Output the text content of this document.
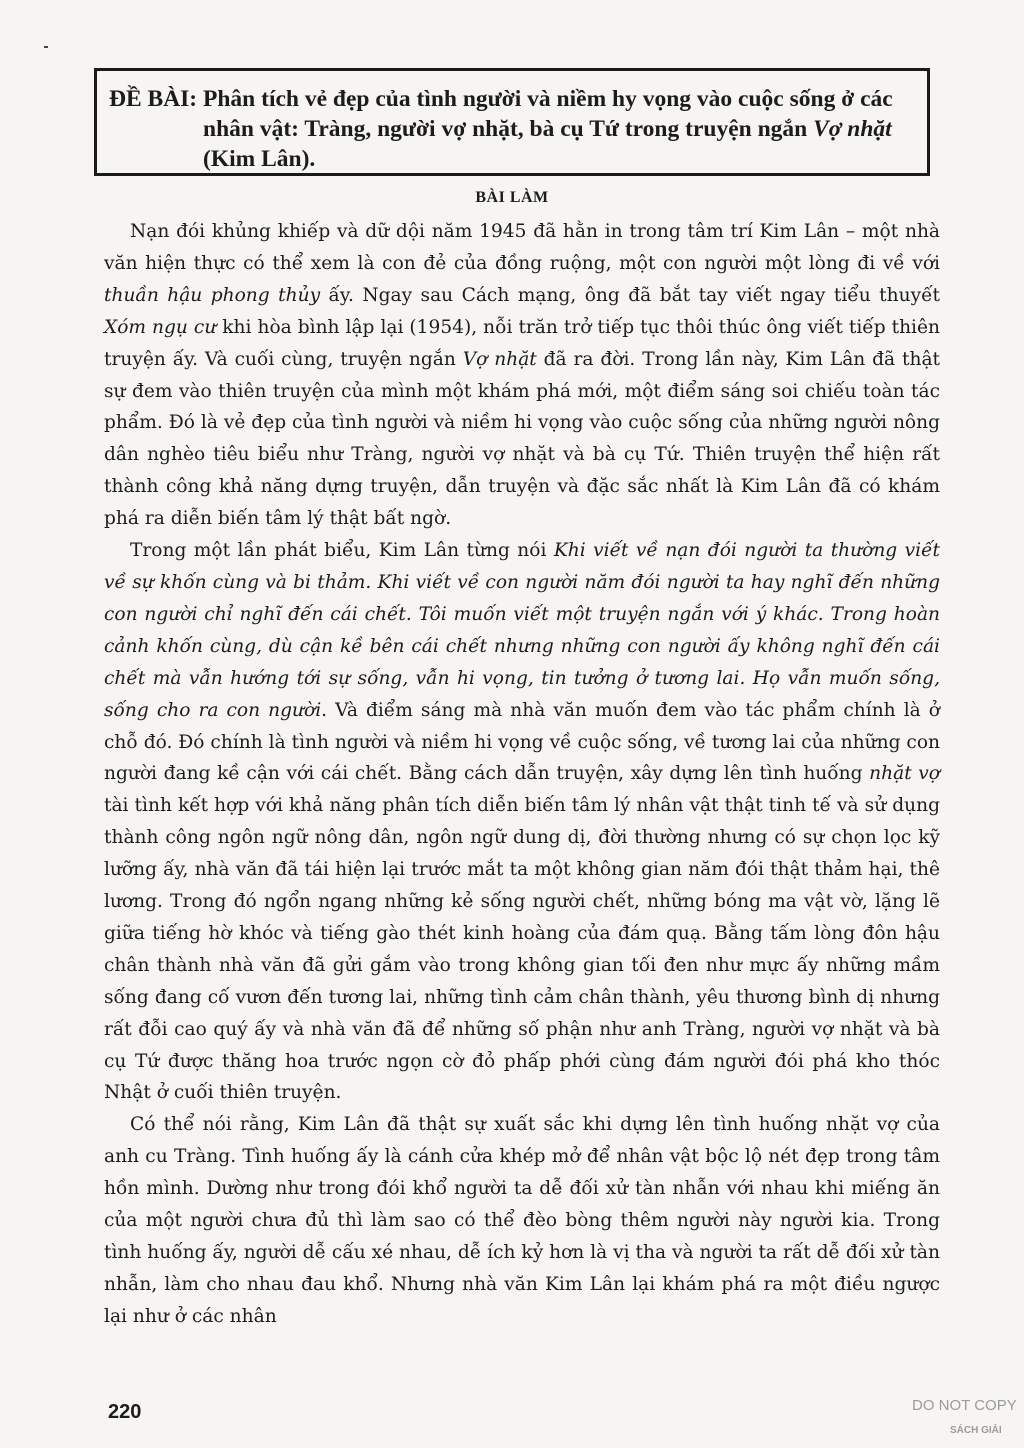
ĐỀ BÀI: Phân tích vẻ đẹp của tình người và niềm hy vọng vào cuộc sống ở các nhân vật: Tràng, người vợ nhặt, bà cụ Tứ trong truyện ngắn Vợ nhặt (Kim Lân).
BÀI LÀM

Nạn đói khủng khiếp và dữ dội năm 1945 đã hằn in trong tâm trí Kim Lân – một nhà văn hiện thực có thể xem là con đẻ của đồng ruộng, một con người một lòng đi về với thuần hậu phong thủy ấy. Ngay sau Cách mạng, ông đã bắt tay viết ngay tiểu thuyết Xóm ngụ cư khi hòa bình lập lại (1954), nỗi trăn trở tiếp tục thôi thúc ông viết tiếp thiên truyện ấy. Và cuối cùng, truyện ngắn Vợ nhặt đã ra đời. Trong lần này, Kim Lân đã thật sự đem vào thiên truyện của mình một khám phá mới, một điểm sáng soi chiếu toàn tác phẩm. Đó là vẻ đẹp của tình người và niềm hi vọng vào cuộc sống của những người nông dân nghèo tiêu biểu như Tràng, người vợ nhặt và bà cụ Tứ. Thiên truyện thể hiện rất thành công khả năng dựng truyện, dẫn truyện và đặc sắc nhất là Kim Lân đã có khám phá ra diễn biến tâm lý thật bất ngờ.

Trong một lần phát biểu, Kim Lân từng nói Khi viết về nạn đói người ta thường viết về sự khốn cùng và bi thảm. Khi viết về con người năm đói người ta hay nghĩ đến những con người chỉ nghĩ đến cái chết. Tôi muốn viết một truyện ngắn với ý khác. Trong hoàn cảnh khốn cùng, dù cận kề bên cái chết nhưng những con người ấy không nghĩ đến cái chết mà vẫn hướng tới sự sống, vẫn hi vọng, tin tưởng ở tương lai. Họ vẫn muốn sống, sống cho ra con người. Và điểm sáng mà nhà văn muốn đem vào tác phẩm chính là ở chỗ đó. Đó chính là tình người và niềm hi vọng về cuộc sống, về tương lai của những con người đang kề cận với cái chết. Bằng cách dẫn truyện, xây dựng lên tình huống nhặt vợ tài tình kết hợp với khả năng phân tích diễn biến tâm lý nhân vật thật tinh tế và sử dụng thành công ngôn ngữ nông dân, ngôn ngữ dung dị, đời thường nhưng có sự chọn lọc kỹ lưỡng ấy, nhà văn đã tái hiện lại trước mắt ta một không gian năm đói thật thảm hại, thê lương. Trong đó ngổn ngang những kẻ sống người chết, những bóng ma vật vờ, lặng lẽ giữa tiếng hờ khóc và tiếng gào thét kinh hoàng của đám quạ. Bằng tấm lòng đôn hậu chân thành nhà văn đã gửi gắm vào trong không gian tối đen như mực ấy những mầm sống đang cố vươn đến tương lai, những tình cảm chân thành, yêu thương bình dị nhưng rất đỗi cao quý ấy và nhà văn đã để những số phận như anh Tràng, người vợ nhặt và bà cụ Tứ được thăng hoa trước ngọn cờ đỏ phấp phới cùng đám người đói phá kho thóc Nhật ở cuối thiên truyện.

Có thể nói rằng, Kim Lân đã thật sự xuất sắc khi dựng lên tình huống nhặt vợ của anh cu Tràng. Tình huống ấy là cánh cửa khép mở để nhân vật bộc lộ nét đẹp trong tâm hồn mình. Dường như trong đói khổ người ta dễ đối xử tàn nhẫn với nhau khi miếng ăn của một người chưa đủ thì làm sao có thể đèo bòng thêm người này người kia. Trong tình huống ấy, người dễ cấu xé nhau, dễ ích kỷ hơn là vị tha và người ta rất dễ đối xử tàn nhẫn, làm cho nhau đau khổ. Nhưng nhà văn Kim Lân lại khám phá ra một điều ngược lại như ở các nhân

220	DO NOT COPY
SÁCH GIẢI
